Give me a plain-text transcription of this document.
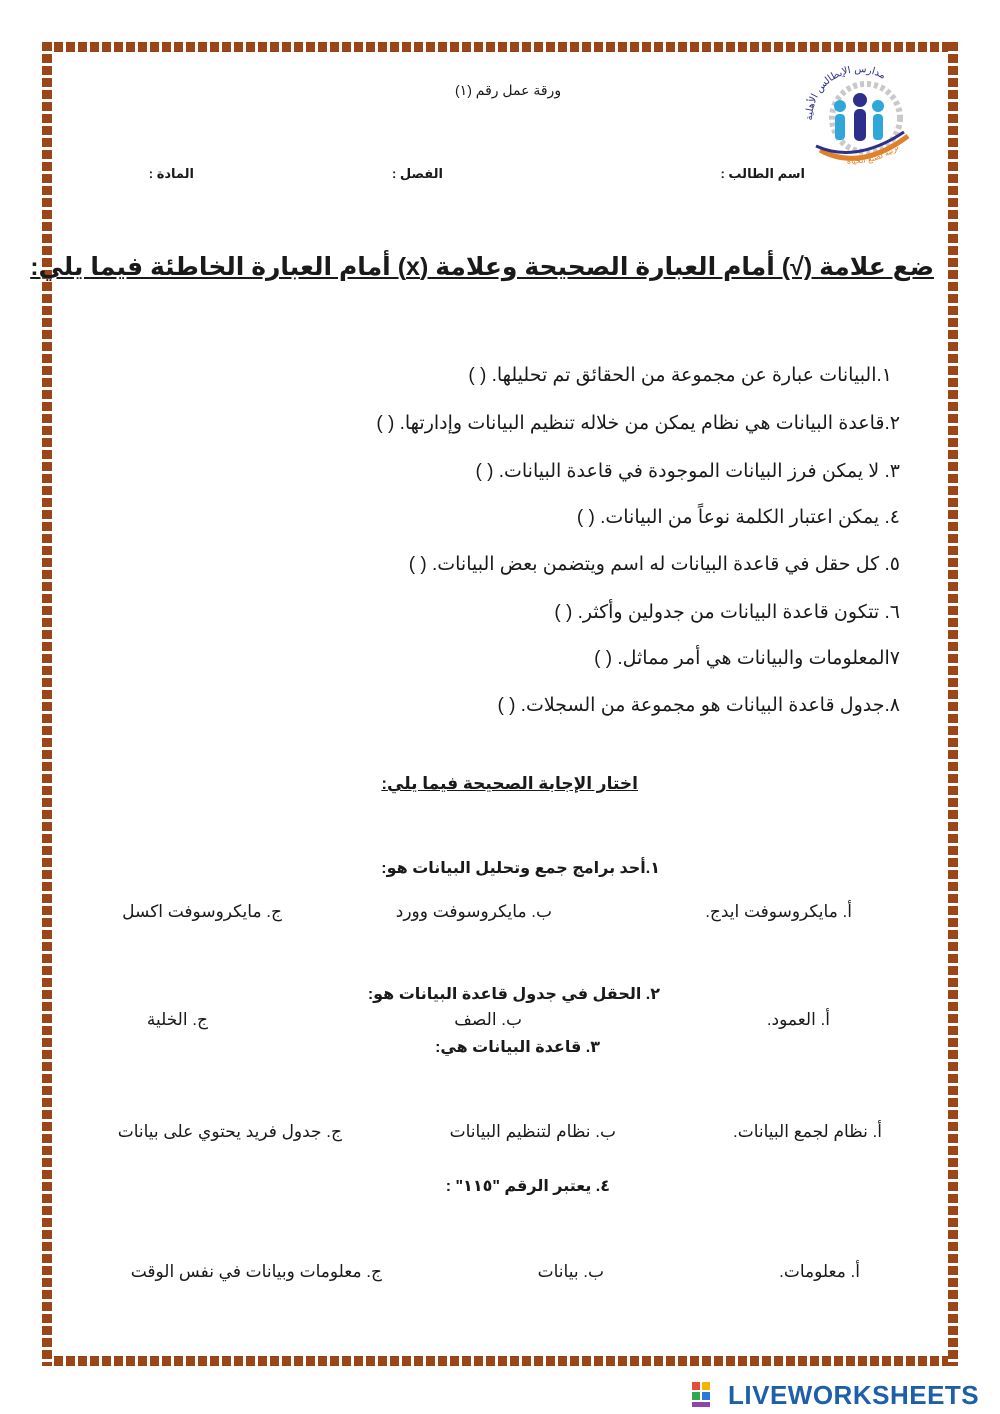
مدارس الإبطالس الأهلية
تربية لصنع الحياة
ورقة عمل رقم (١)
اسم الطالب :
الفصل :
المادة :
ضع علامة (√) أمام العبارة الصحيحة وعلامة (x) أمام العبارة الخاطئة فيما يلي:
١.البيانات عبارة عن مجموعة من الحقائق تم تحليلها. ( )
٢.قاعدة البيانات هي نظام يمكن من خلاله تنظيم البيانات وإدارتها. ( )
٣. لا يمكن فرز البيانات الموجودة في قاعدة البيانات. ( )
٤. يمكن اعتبار الكلمة نوعاً من البيانات. ( )
٥. كل حقل في قاعدة البيانات له اسم ويتضمن بعض البيانات. ( )
٦. تتكون قاعدة البيانات من جدولين وأكثر. ( )
٧المعلومات والبيانات هي أمر مماثل. ( )
٨.جدول قاعدة البيانات هو مجموعة من السجلات. ( )
اختار الإجابة الصحيحة فيما يلي:
١.أحد برامج جمع وتحليل البيانات هو:
أ. مايكروسوفت ايدج.
ب. مايكروسوفت وورد
ج. مايكروسوفت اكسل
٢. الحقل في جدول قاعدة البيانات هو:
أ. العمود.
ب. الصف
ج. الخلية
٣. قاعدة البيانات هي:
أ. نظام لجمع البيانات.
ب. نظام لتنظيم البيانات
ج. جدول فريد يحتوي على بيانات
٤. يعتبر الرقم "١١٥" :
أ. معلومات.
ب. بيانات
ج. معلومات وبيانات في نفس الوقت
LIVEWORKSHEETS
